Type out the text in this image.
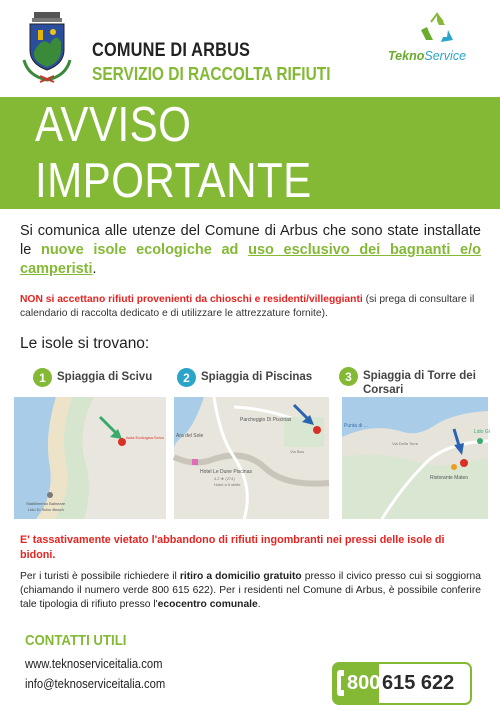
COMUNE DI ARBUS
SERVIZIO DI RACCOLTA RIFIUTI
TeknoService
AVVISO IMPORTANTE
Si comunica alle utenze del Comune di Arbus che sono state installate le nuove isole ecologiche ad uso esclusivo dei bagnanti e/o camperisti.
NON si accettano rifiuti provenienti da chioschi e residenti/villeggianti (si prega di consultare il calendario di raccolta dedicato e di utilizzare le attrezzature fornite).
Le isole si trovano:
1 Spiaggia di Scivu	2 Spiaggia di Piscinas	3 Spiaggia di Torre dei Corsari
Isola Ecologica Scivu
Stabilimento Balneare
Lido Di Scivu Beach
Parcheggio Di Piscinas
Ara del Sole
Hotel Le Dune Piscinas
4.2 ★ (274)
Hotel a 5 stelle
Via Bau
Punta di ...
Lido Gi
Ristorante Mateo
Via Della Torre
E' tassativamente vietato l'abbandono di rifiuti ingombranti nei pressi delle isole di bidoni.
Per i turisti è possibile richiedere il ritiro a domicilio gratuito presso il civico presso cui si soggiorna (chiamando il numero verde 800 615 622). Per i residenti nel Comune di Arbus, è possibile conferire tale tipologia di rifiuto presso l'ecocentro comunale.
CONTATTI UTILI
www.teknoserviceitalia.com
info@teknoserviceitalia.com	800 615 622
